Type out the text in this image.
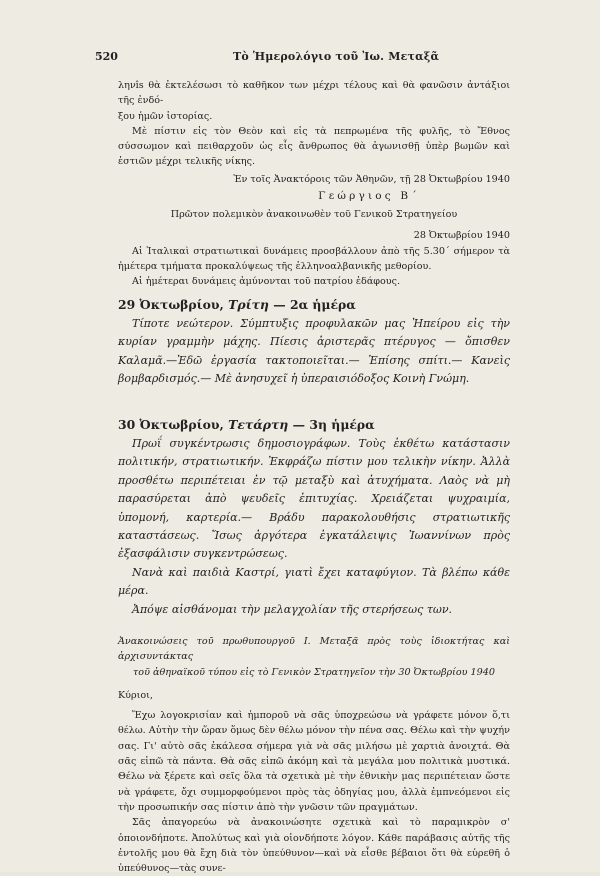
520	Τὸ Ἡμερολόγιο τοῦ Ἰω. Μεταξᾶ

ληνîs θὰ ἐκτελέσωσι τὸ καθῆκον των μέχρι τέλους καὶ θὰ φανῶσιν ἀντάξιοι τῆς ἐνδό-

ξου ἡμῶν ἱστορίας.

Μὲ πίστιν εἰς τὸν Θεὸν καὶ εἰς τὰ πεπρωμένα τῆς φυλῆς, τὸ Ἔθνος σύσσωμον καὶ πειθαρχοῦν ὡς εἷς ἄνθρωπος θὰ ἀγωνισθῇ ὑπὲρ βωμῶν καὶ ἑστιῶν μέχρι τελικῆς νίκης.

Ἐν τοῖς Ἀνακτόροις τῶν Ἀθηνῶν, τῇ 28 Ὀκτωβρίου 1940

Γεώργιος Β΄

Πρῶτον πολεμικὸν ἀνακοινωθὲν τοῦ Γενικοῦ Στρατηγείου

28 Ὀκτωβρίου 1940

Αἱ Ἰταλικαὶ στρατιωτικαὶ δυνάμεις προσβάλλουν ἀπὸ τῆς 5.30΄ σήμερον τὰ ἡμέτερα τμήματα προκαλύψεως τῆς ἑλληνοαλβανικῆς μεθορίου.

Αἱ ἡμέτεραι δυνάμεις ἀμύνονται τοῦ πατρίου ἐδάφους.

29 Ὀκτωβρίου, Τρίτη — 2α ἡμέρα

Τίποτε νεώτερον. Σύμπτυξις προφυλακῶν μας Ἠπείρου εἰς τὴν κυρίαν γραμμὴν μάχης. Πίεσις ἀριστερᾶς πτέρυγος — ὄπισθεν Καλαμᾶ.—Ἐδῶ ἐργασία τακτοποιεῖται.— Ἐπίσης σπίτι.— Κανεὶς βομβαρδισμός.— Μὲ ἀνησυχεῖ ἡ ὑπεραισιόδοξος Κοινὴ Γνώμη.

30 Ὀκτωβρίου, Τετάρτη — 3η ἡμέρα

Πρωΐ συγκέντρωσις δημοσιογράφων. Τοὺς ἐκθέτω κατάστασιν πολιτικήν, στρατιωτικήν. Ἐκφράζω πίστιν μου τελικὴν νίκην. Ἀλλὰ προσθέτω περιπέτειαι ἐν τῷ μεταξὺ καὶ ἀτυχήματα. Λαὸς νὰ μὴ παρασύρεται ἀπὸ ψευδεῖς ἐπιτυχίας. Χρειάζεται ψυχραιμία, ὑπομονή, καρτερία.— Βράδυ παρακολουθήσις στρατιωτικῆς καταστάσεως. Ἴσως ἀργότερα ἐγκατάλειψις Ἰωαννίνων πρὸς ἐξασφάλισιν συγκεντρώσεως.

Νανὰ καὶ παιδιὰ Καστρί, γιατὶ ἔχει καταφύγιον. Τὰ βλέπω κάθε μέρα.

Ἀπόψε αἰσθάνομαι τὴν μελαγχολίαν τῆς στερήσεως των.

Ἀνακοινώσεις τοῦ πρωθυπουργοῦ Ι. Μεταξᾶ πρὸς τοὺς ἰδιοκτήτας καὶ ἀρχισυντάκτας

τοῦ ἀθηναϊκοῦ τύπου εἰς τὸ Γενικὸν Στρατηγεῖον τὴν 30 Ὀκτωβρίου 1940

Κύριοι,

Ἔχω λογοκρισίαν καὶ ἠμποροῦ νὰ σᾶς ὑποχρεώσω νὰ γράφετε μόνον ὅ,τι θέλω. Αὐτὴν τὴν ὥραν ὅμως δὲν θέλω μόνον τὴν πένα σας. Θέλω καὶ τὴν ψυχήν σας. Γι' αὐτὸ σᾶς ἐκάλεσα σήμερα γιὰ νὰ σᾶς μιλήσω μὲ χαρτιὰ ἀνοιχτά. Θὰ σᾶς εἰπῶ τὰ πάντα. Θὰ σᾶς εἰπῶ ἀκόμη καὶ τὰ μεγάλα μου πολιτικὰ μυστικά. Θέλω νὰ ξέρετε καὶ σεῖς ὅλα τὰ σχετικὰ μὲ τὴν ἐθνικὴν μας περιπέτειαν ὥστε νὰ γράφετε, ὄχι συμμορφούμενοι πρὸς τὰς ὁδηγίας μου, ἀλλὰ ἐμπνεόμενοι εἰς τὴν προσωπικήν σας πίστιν ἀπὸ τὴν γνῶσιν τῶν πραγμάτων.

Σᾶς ἀπαγορεύω νὰ ἀνακοινώσητε σχετικὰ καὶ τὸ παραμικρὸν σ' ὁποιονδήποτε. Ἀπολύτως καὶ γιὰ οἱονδήποτε λόγον. Κάθε παράβασις αὐτῆς τῆς ἐντολῆς μου θὰ ἔχη διὰ τὸν ὑπεύθυνον—καὶ νὰ εἶσθε βέβαιοι ὅτι θὰ εὑρεθῆ ὁ ὑπεύθυνος—τὰς συνε-
